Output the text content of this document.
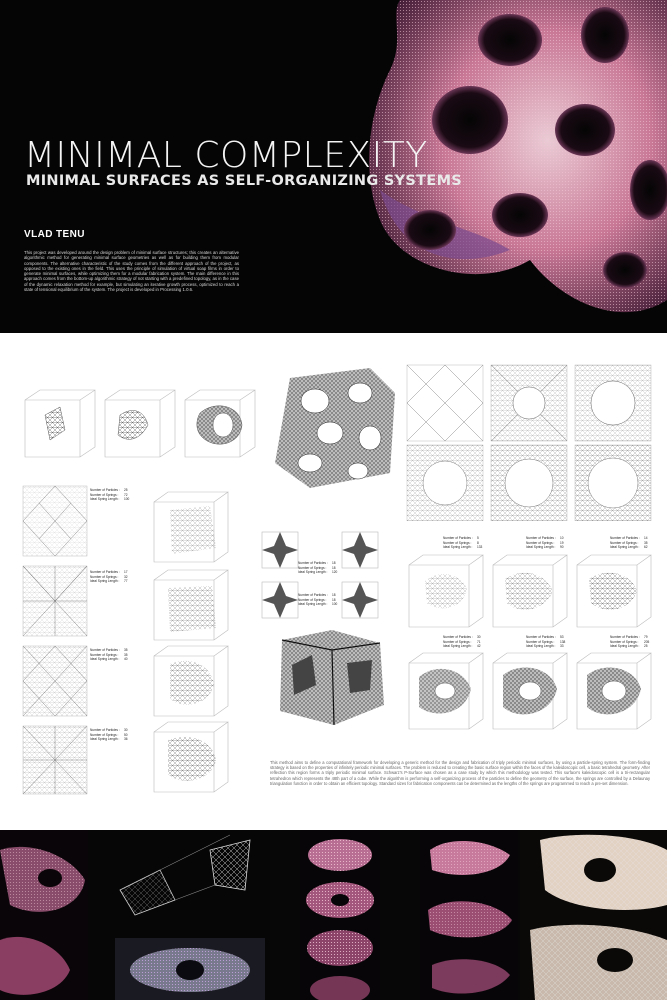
MINIMAL COMPLEXITY
MINIMAL SURFACES AS SELF-ORGANIZING SYSTEMS
VLAD TENU

This project was developed around the design problem of minimal surface structures; this creates an alternative algorithmic method for generating minimal surface geometries as well as for building them from modular components. The alternative characteristic of the study comes from the different approach of the project, as opposed to the existing ones in the field. This uses the principle of simulation of virtual soap films in order to generate minimal surfaces, while optimizing them for a modular fabrication system. The main difference in this approach comes from the bottom-up algorithmic strategy of not starting with a predefined topology, as in the case of the dynamic relaxation method for example, but simulating an iterative growth process, optimized to reach a state of tensional equilibrium of the system. The project is developed in Processing 1.0.6.

Number of Particles : 25
Number of Springs : 72
Ideal Spring Length : 100
Number of Particles : 17
Number of Springs : 32
Ideal Spring Length : 77
Number of Particles : 35
Number of Springs : 35
Ideal Spring Length : 40
Number of Particles : 30
Number of Springs : 50
Ideal Spring Length : 36
Number of Particles : 18
Number of Springs : 18
Ideal Spring Length : 120
Number of Particles : 18
Number of Springs : 18
Ideal Spring Length : 100
Number of Particles : 5
Number of Springs : 8
Ideal Spring Length : 133
Number of Particles : 10
Number of Springs : 19
Ideal Spring Length : 90
Number of Particles : 14
Number of Springs : 35
Ideal Spring Length : 62
Number of Particles : 30
Number of Springs : 71
Ideal Spring Length : 42
Number of Particles : 53
Number of Springs : 138
Ideal Spring Length : 33
Number of Particles : 79
Number of Springs : 205
Ideal Spring Length : 25

This method aims to define a computational framework for developing a generic method for the design and fabrication of triply periodic minimal surfaces, by using a particle-spring system. The form-finding strategy is based on the properties of infinitely periodic minimal surfaces. The problem is reduced to creating the basic surface region within the faces of the kaleidoscopic cell, a basic tetrahedral geometry. After reflection this region forms a triply periodic minimal surface. Schwarz's P-Surface was chosen as a case study by which this methodology was tested. This surface's kaleidoscopic cell is a tri-rectangular tetrahedron which represents the 48th part of a cube. While the algorithm is performing a self-organizing process of the particles to define the geometry of the surface, the springs are controlled by a Delaunay triangulation function in order to obtain an efficient topology. Standard sizes for fabrication components can be determined as the lengths of the springs are programmed to reach a pre-set dimension.
